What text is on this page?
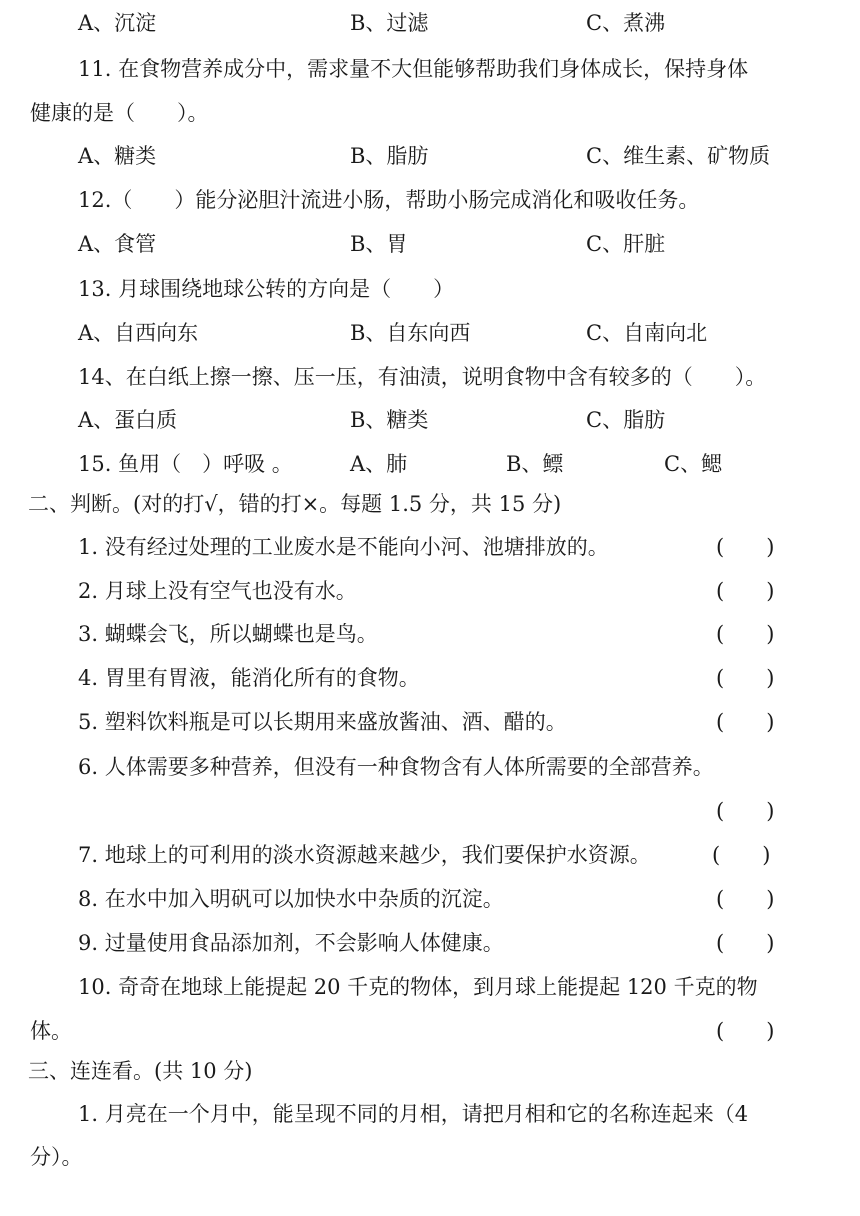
A、沉淀	B、过滤	C、煮沸
11. 在食物营养成分中，需求量不大但能够帮助我们身体成长，保持身体
健康的是（　　）。
A、糖类	B、脂肪	C、维生素、矿物质
12.（　　）能分泌胆汁流进小肠，帮助小肠完成消化和吸收任务。
A、食管	B、胃	C、肝脏
13. 月球围绕地球公转的方向是（　　）
A、自西向东	B、自东向西	C、自南向北
14、在白纸上擦一擦、压一压，有油渍，说明食物中含有较多的（　　）。
A、蛋白质	B、糖类	C、脂肪
15. 鱼用（　）呼吸 。	A、肺	B、鳔	C、鳃
二、判断。(对的打√，错的打×。每题 1.5 分，共 15 分)
1. 没有经过处理的工业废水是不能向小河、池塘排放的。	(　　)
2. 月球上没有空气也没有水。	(　　)
3. 蝴蝶会飞，所以蝴蝶也是鸟。	(　　)
4. 胃里有胃液，能消化所有的食物。	(　　)
5. 塑料饮料瓶是可以长期用来盛放酱油、酒、醋的。	(　　)
6. 人体需要多种营养，但没有一种食物含有人体所需要的全部营养。
(　　)
7. 地球上的可利用的淡水资源越来越少，我们要保护水资源。	(　　)
8. 在水中加入明矾可以加快水中杂质的沉淀。	(　　)
9. 过量使用食品添加剂，不会影响人体健康。	(　　)
10. 奇奇在地球上能提起 20 千克的物体，到月球上能提起 120 千克的物
体。	(　　)
三、连连看。(共 10 分)
1. 月亮在一个月中，能呈现不同的月相，请把月相和它的名称连起来（4
分）。
